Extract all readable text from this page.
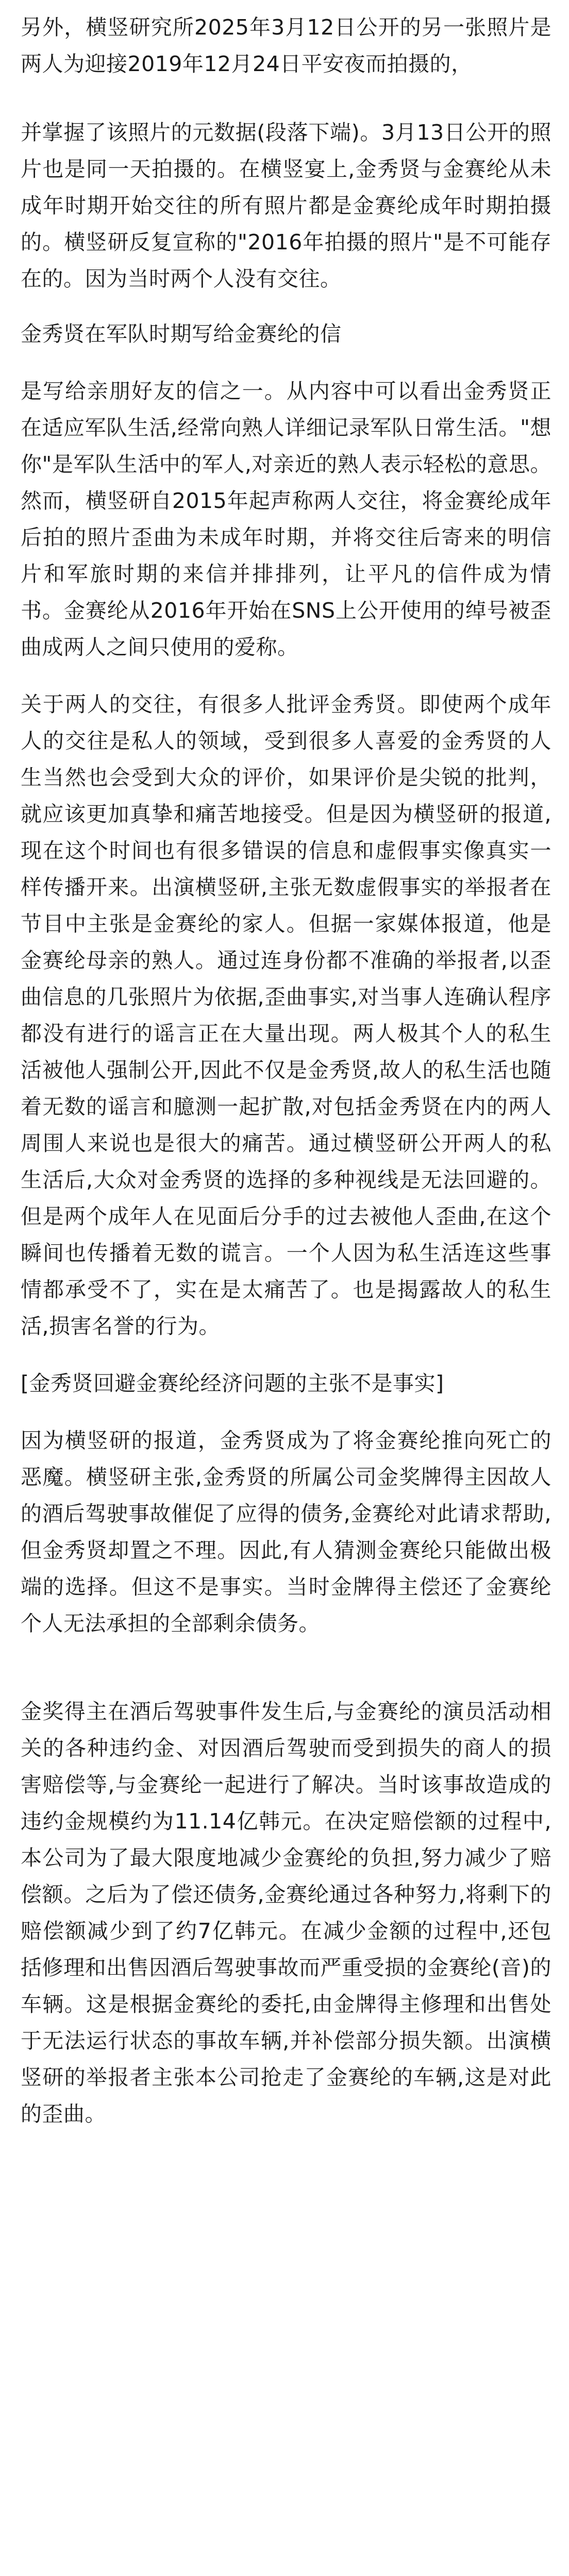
另外，横竖研究所2025年3月12日公开的另一张照片是两人为迎接2019年12月24日平安夜而拍摄的，

并掌握了该照片的元数据(段落下端)。3月13日公开的照片也是同一天拍摄的。在横竖宴上,金秀贤与金赛纶从未成年时期开始交往的所有照片都是金赛纶成年时期拍摄的。横竖研反复宣称的"2016年拍摄的照片"是不可能存在的。因为当时两个人没有交往。

金秀贤在军队时期写给金赛纶的信

是写给亲朋好友的信之一。从内容中可以看出金秀贤正在适应军队生活,经常向熟人详细记录军队日常生活。"想你"是军队生活中的军人,对亲近的熟人表示轻松的意思。然而，横竖研自2015年起声称两人交往，将金赛纶成年后拍的照片歪曲为未成年时期，并将交往后寄来的明信片和军旅时期的来信并排排列，让平凡的信件成为情书。金赛纶从2016年开始在SNS上公开使用的绰号被歪曲成两人之间只使用的爱称。

关于两人的交往，有很多人批评金秀贤。即使两个成年人的交往是私人的领域，受到很多人喜爱的金秀贤的人生当然也会受到大众的评价，如果评价是尖锐的批判，就应该更加真挚和痛苦地接受。但是因为横竖研的报道,现在这个时间也有很多错误的信息和虚假事实像真实一样传播开来。出演横竖研,主张无数虚假事实的举报者在节目中主张是金赛纶的家人。但据一家媒体报道，他是金赛纶母亲的熟人。通过连身份都不准确的举报者,以歪曲信息的几张照片为依据,歪曲事实,对当事人连确认程序都没有进行的谣言正在大量出现。两人极其个人的私生活被他人强制公开,因此不仅是金秀贤,故人的私生活也随着无数的谣言和臆测一起扩散,对包括金秀贤在内的两人周围人来说也是很大的痛苦。通过横竖研公开两人的私生活后,大众对金秀贤的选择的多种视线是无法回避的。但是两个成年人在见面后分手的过去被他人歪曲,在这个瞬间也传播着无数的谎言。一个人因为私生活连这些事情都承受不了，实在是太痛苦了。也是揭露故人的私生活,损害名誉的行为。

[金秀贤回避金赛纶经济问题的主张不是事实]

因为横竖研的报道，金秀贤成为了将金赛纶推向死亡的恶魔。横竖研主张,金秀贤的所属公司金奖牌得主因故人的酒后驾驶事故催促了应得的债务,金赛纶对此请求帮助,但金秀贤却置之不理。因此,有人猜测金赛纶只能做出极端的选择。但这不是事实。当时金牌得主偿还了金赛纶个人无法承担的全部剩余债务。

金奖得主在酒后驾驶事件发生后,与金赛纶的演员活动相关的各种违约金、对因酒后驾驶而受到损失的商人的损害赔偿等,与金赛纶一起进行了解决。当时该事故造成的违约金规模约为11.14亿韩元。在决定赔偿额的过程中,本公司为了最大限度地减少金赛纶的负担,努力减少了赔偿额。之后为了偿还债务,金赛纶通过各种努力,将剩下的赔偿额减少到了约7亿韩元。在减少金额的过程中,还包括修理和出售因酒后驾驶事故而严重受损的金赛纶(音)的车辆。这是根据金赛纶的委托,由金牌得主修理和出售处于无法运行状态的事故车辆,并补偿部分损失额。出演横竖研的举报者主张本公司抢走了金赛纶的车辆,这是对此的歪曲。
